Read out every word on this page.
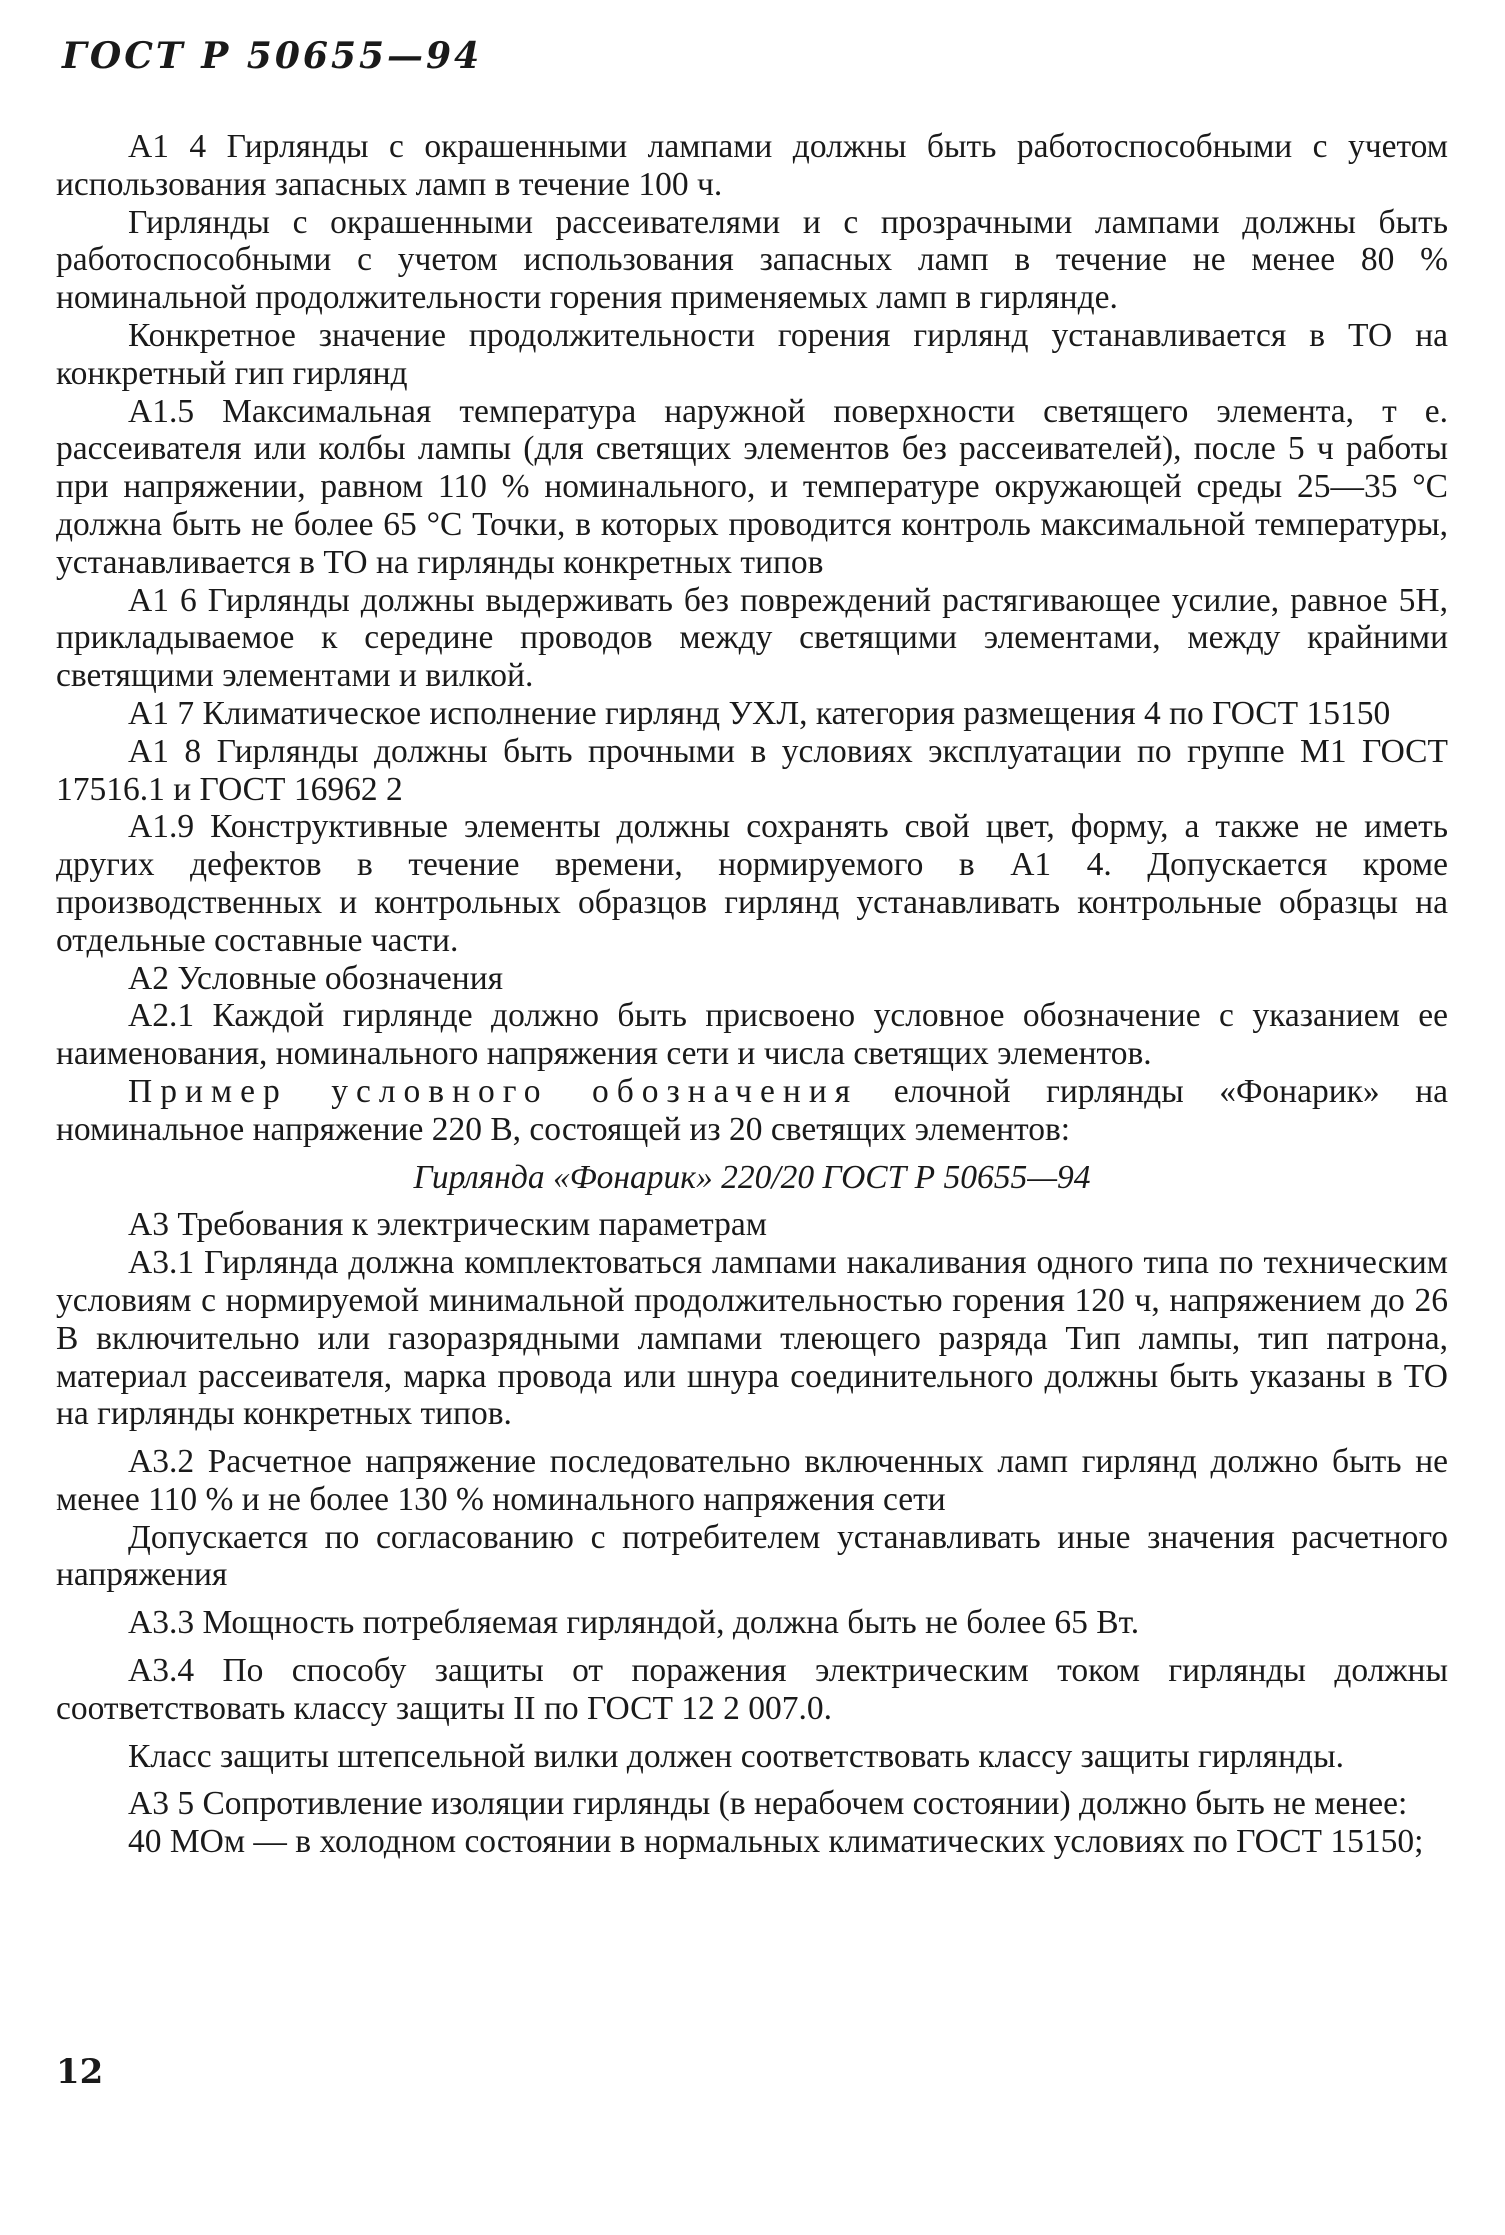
ГОСТ Р 50655—94

А1 4 Гирлянды с окрашенными лампами должны быть работоспособными с учетом использования запасных ламп в течение 100 ч.

Гирлянды с окрашенными рассеивателями и с прозрачными лампами должны быть работоспособными с учетом использования запасных ламп в течение не менее 80 % номинальной продолжительности горения применяемых ламп в гирлянде.

Конкретное значение продолжительности горения гирлянд устанавливается в ТО на конкретный гип гирлянд

А1.5 Максимальная температура наружной поверхности светящего элемента, т е. рассеивателя или колбы лампы (для светящих элементов без рассеивателей), после 5 ч работы при напряжении, равном 110 % номинального, и температуре окружающей среды 25—35 °С должна быть не более 65 °С Точки, в которых проводится контроль максимальной температуры, устанавливается в ТО на гирлянды конкретных типов

А1 6 Гирлянды должны выдерживать без повреждений растягивающее усилие, равное 5Н, прикладываемое к середине проводов между светящими элементами, между крайними светящими элементами и вилкой.

А1 7 Климатическое исполнение гирлянд УХЛ, категория размещения 4 по ГОСТ 15150

А1 8 Гирлянды должны быть прочными в условиях эксплуатации по группе М1 ГОСТ 17516.1 и ГОСТ 16962 2

А1.9 Конструктивные элементы должны сохранять свой цвет, форму, а также не иметь других дефектов в течение времени, нормируемого в А1 4. Допускается кроме производственных и контрольных образцов гирлянд устанавливать контрольные образцы на отдельные составные части.

А2 Условные обозначения

А2.1 Каждой гирлянде должно быть присвоено условное обозначение с указанием ее наименования, номинального напряжения сети и числа светящих элементов.

Пример условного обозначения елочной гирлянды «Фонарик» на номинальное напряжение 220 В, состоящей из 20 светящих элементов:

Гирлянда «Фонарик» 220/20 ГОСТ Р 50655—94

А3 Требования к электрическим параметрам

А3.1 Гирлянда должна комплектоваться лампами накаливания одного типа по техническим условиям с нормируемой минимальной продолжительностью горения 120 ч, напряжением до 26 В включительно или газоразрядными лампами тлеющего разряда Тип лампы, тип патрона, материал рассеивателя, марка провода или шнура соединительного должны быть указаны в ТО на гирлянды конкретных типов.

А3.2 Расчетное напряжение последовательно включенных ламп гирлянд должно быть не менее 110 % и не более 130 % номинального напряжения сети

Допускается по согласованию с потребителем устанавливать иные значения расчетного напряжения

А3.3 Мощность потребляемая гирляндой, должна быть не более 65 Вт.

А3.4 По способу защиты от поражения электрическим током гирлянды должны соответствовать классу защиты II по ГОСТ 12 2 007.0.

Класс защиты штепсельной вилки должен соответствовать классу защиты гирлянды.

А3 5 Сопротивление изоляции гирлянды (в нерабочем состоянии) должно быть не менее:

40 МОм — в холодном состоянии в нормальных климатических условиях по ГОСТ 15150;

12
